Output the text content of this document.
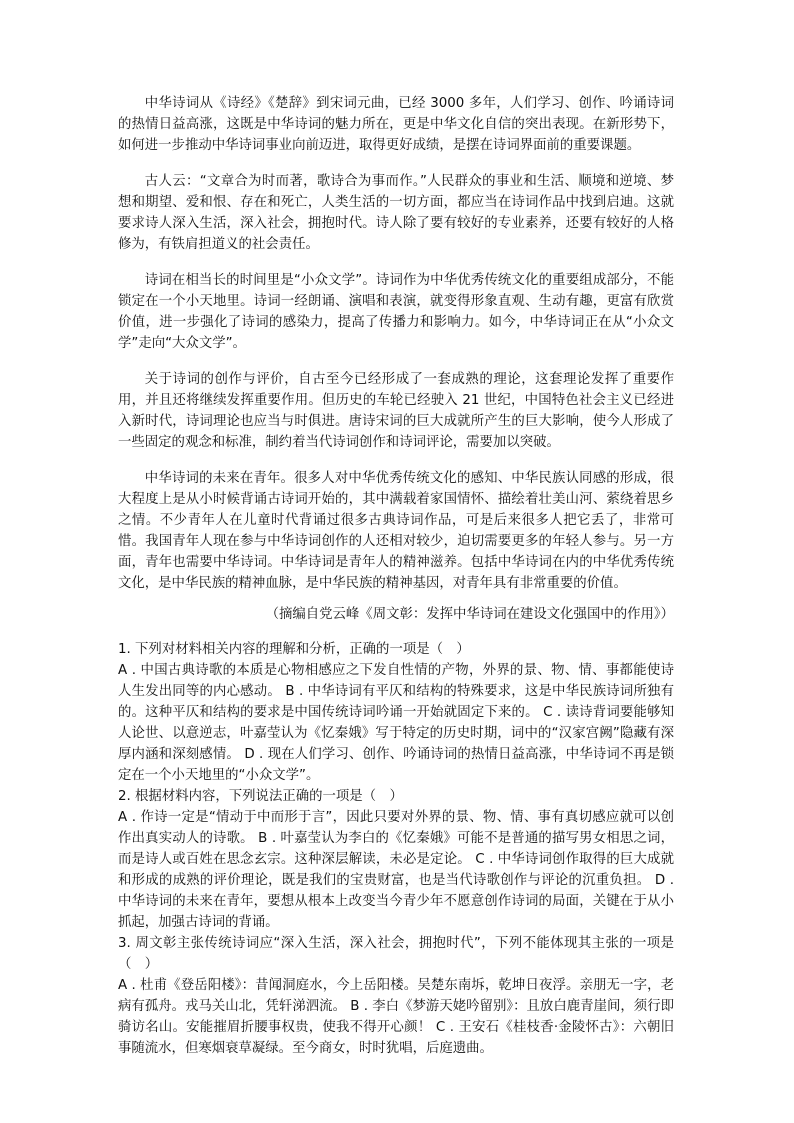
中华诗词从《诗经》《楚辞》到宋词元曲，已经 3000 多年，人们学习、创作、吟诵诗词的热情日益高涨，这既是中华诗词的魅力所在，更是中华文化自信的突出表现。在新形势下，如何进一步推动中华诗词事业向前迈进，取得更好成绩，是摆在诗词界面前的重要课题。

古人云：“文章合为时而著，歌诗合为事而作。”人民群众的事业和生活、顺境和逆境、梦想和期望、爱和恨、存在和死亡，人类生活的一切方面，都应当在诗词作品中找到启迪。这就要求诗人深入生活，深入社会，拥抱时代。诗人除了要有较好的专业素养，还要有较好的人格修为，有铁肩担道义的社会责任。

诗词在相当长的时间里是“小众文学”。诗词作为中华优秀传统文化的重要组成部分，不能锁定在一个小天地里。诗词一经朗诵、演唱和表演，就变得形象直观、生动有趣，更富有欣赏价值，进一步强化了诗词的感染力，提高了传播力和影响力。如今，中华诗词正在从“小众文学”走向“大众文学”。

关于诗词的创作与评价，自古至今已经形成了一套成熟的理论，这套理论发挥了重要作用，并且还将继续发挥重要作用。但历史的车轮已经驶入 21 世纪，中国特色社会主义已经进入新时代，诗词理论也应当与时俱进。唐诗宋词的巨大成就所产生的巨大影响，使今人形成了一些固定的观念和标准，制约着当代诗词创作和诗词评论，需要加以突破。

中华诗词的未来在青年。很多人对中华优秀传统文化的感知、中华民族认同感的形成，很大程度上是从小时候背诵古诗词开始的，其中满载着家国情怀、描绘着壮美山河、萦绕着思乡之情。不少青年人在儿童时代背诵过很多古典诗词作品，可是后来很多人把它丢了，非常可惜。我国青年人现在参与中华诗词创作的人还相对较少，迫切需要更多的年轻人参与。另一方面，青年也需要中华诗词。中华诗词是青年人的精神滋养。包括中华诗词在内的中华优秀传统文化，是中华民族的精神血脉，是中华民族的精神基因，对青年具有非常重要的价值。

（摘编自党云峰《周文彰：发挥中华诗词在建设文化强国中的作用》）

1. 下列对材料相关内容的理解和分析，正确的一项是（　）

A . 中国古典诗歌的本质是心物相感应之下发自性情的产物，外界的景、物、情、事都能使诗人生发出同等的内心感动。 B . 中华诗词有平仄和结构的特殊要求，这是中华民族诗词所独有的。这种平仄和结构的要求是中国传统诗词吟诵一开始就固定下来的。 C . 读诗背词要能够知人论世、以意逆志，叶嘉莹认为《忆秦娥》写于特定的历史时期，词中的“汉家宫阙”隐藏有深厚内涵和深刻感情。 D . 现在人们学习、创作、吟诵诗词的热情日益高涨，中华诗词不再是锁定在一个小天地里的“小众文学”。

2. 根据材料内容，下列说法正确的一项是（　）

A . 作诗一定是“情动于中而形于言”，因此只要对外界的景、物、情、事有真切感应就可以创作出真实动人的诗歌。 B . 叶嘉莹认为李白的《忆秦娥》可能不是普通的描写男女相思之词，而是诗人或百姓在思念玄宗。这种深层解读，未必是定论。 C . 中华诗词创作取得的巨大成就和形成的成熟的评价理论，既是我们的宝贵财富，也是当代诗歌创作与评论的沉重负担。 D . 中华诗词的未来在青年，要想从根本上改变当今青少年不愿意创作诗词的局面，关键在于从小抓起，加强古诗词的背诵。

3. 周文彰主张传统诗词应“深入生活，深入社会，拥抱时代”，下列不能体现其主张的一项是（　）

A . 杜甫《登岳阳楼》：昔闻洞庭水，今上岳阳楼。吴楚东南坼，乾坤日夜浮。亲朋无一字，老病有孤舟。戎马关山北，凭轩涕泗流。 B . 李白《梦游天姥吟留别》：且放白鹿青崖间，须行即骑访名山。安能摧眉折腰事权贵，使我不得开心颜！ C . 王安石《桂枝香·金陵怀古》：六朝旧事随流水，但寒烟衰草凝绿。至今商女，时时犹唱，后庭遗曲。
